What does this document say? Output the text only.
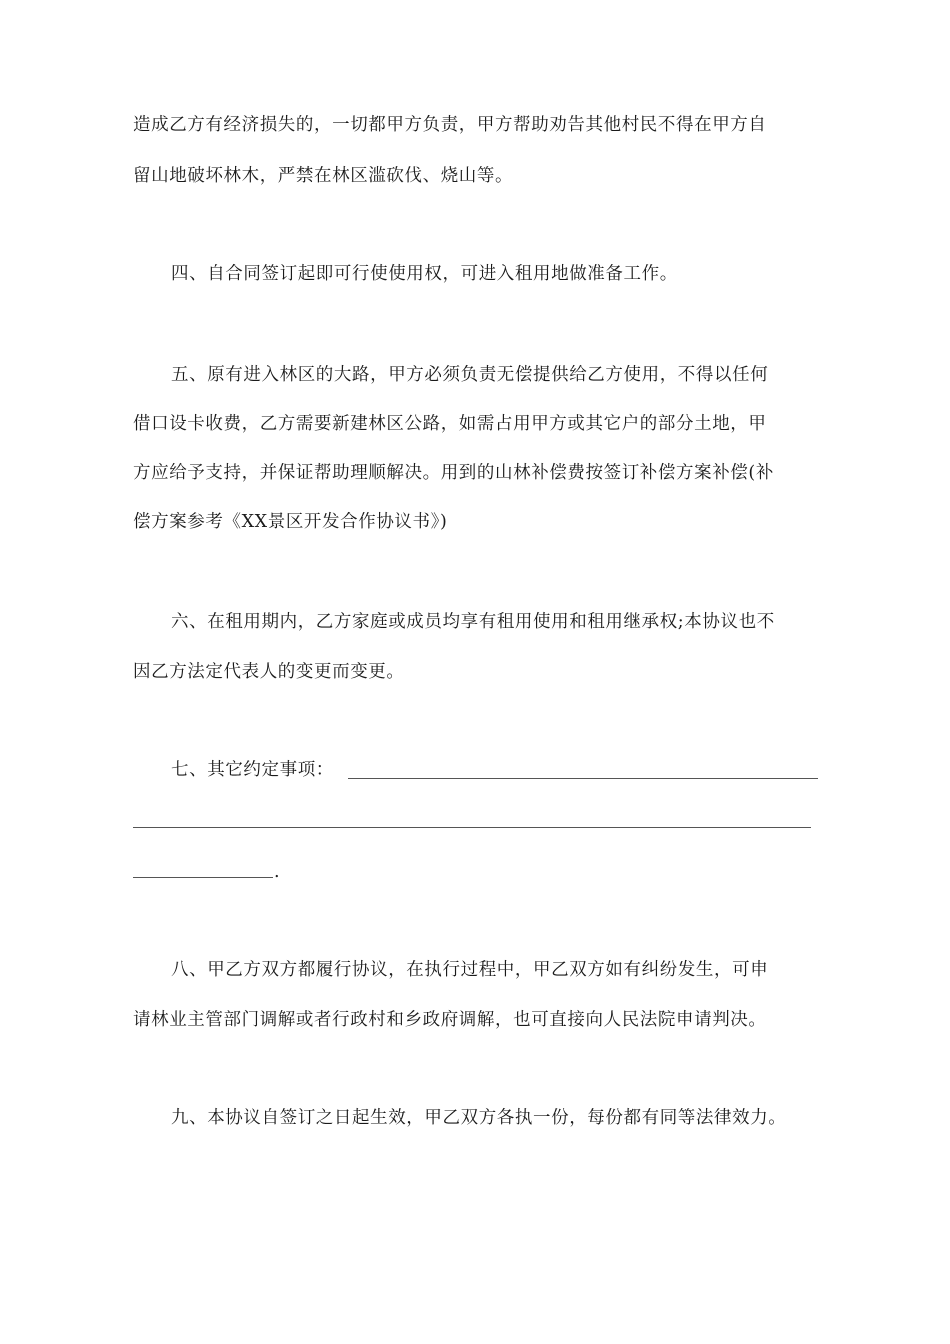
造成乙方有经济损失的，一切都甲方负责，甲方帮助劝告其他村民不得在甲方自
留山地破坏林木，严禁在林区滥砍伐、烧山等。
四、自合同签订起即可行使使用权，可进入租用地做准备工作。
五、原有进入林区的大路，甲方必须负责无偿提供给乙方使用，不得以任何
借口设卡收费，乙方需要新建林区公路，如需占用甲方或其它户的部分土地，甲
方应给予支持，并保证帮助理顺解决。用到的山林补偿费按签订补偿方案补偿(补
偿方案参考《XX景区开发合作协议书》)
六、在租用期内，乙方家庭或成员均享有租用使用和租用继承权;本协议也不
因乙方法定代表人的变更而变更。
七、其它约定事项：
.
八、甲乙方双方都履行协议，在执行过程中，甲乙双方如有纠纷发生，可申
请林业主管部门调解或者行政村和乡政府调解，也可直接向人民法院申请判决。
九、本协议自签订之日起生效，甲乙双方各执一份，每份都有同等法律效力。
